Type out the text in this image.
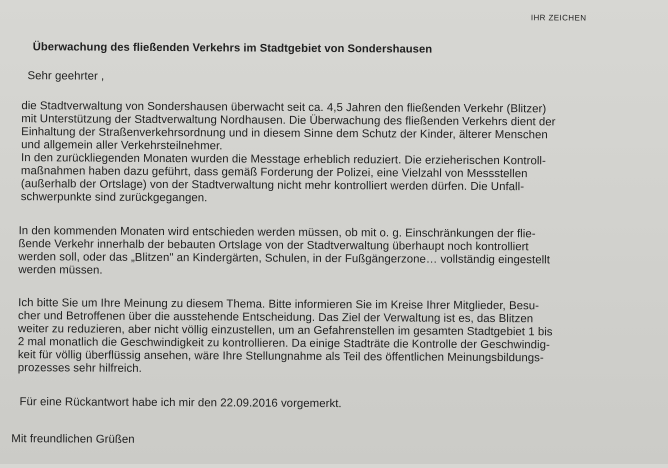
IHR ZEICHEN
Überwachung des fließenden Verkehrs im Stadtgebiet von Sondershausen
Sehr geehrter ,
die Stadtverwaltung von Sondershausen überwacht seit ca. 4,5 Jahren den fließenden Verkehr (Blitzer)
mit Unterstützung der Stadtverwaltung Nordhausen. Die Überwachung des fließenden Verkehrs dient der
Einhaltung der Straßenverkehrsordnung und in diesem Sinne dem Schutz der Kinder, älterer Menschen
und allgemein aller Verkehrsteilnehmer.
In den zurückliegenden Monaten wurden die Messtage erheblich reduziert. Die erzieherischen Kontroll-
maßnahmen haben dazu geführt, dass gemäß Forderung der Polizei, eine Vielzahl von Messstellen
(außerhalb der Ortslage) von der Stadtverwaltung nicht mehr kontrolliert werden dürfen. Die Unfall-
schwerpunkte sind zurückgegangen.
In den kommenden Monaten wird entschieden werden müssen, ob mit o. g. Einschränkungen der flie-
ßende Verkehr innerhalb der bebauten Ortslage von der Stadtverwaltung überhaupt noch kontrolliert
werden soll, oder das „Blitzen" an Kindergärten, Schulen, in der Fußgängerzone… vollständig eingestellt
werden müssen.
Ich bitte Sie um Ihre Meinung zu diesem Thema. Bitte informieren Sie im Kreise Ihrer Mitglieder, Besu-
cher und Betroffenen über die ausstehende Entscheidung. Das Ziel der Verwaltung ist es, das Blitzen
weiter zu reduzieren, aber nicht völlig einzustellen, um an Gefahrenstellen im gesamten Stadtgebiet 1 bis
2 mal monatlich die Geschwindigkeit zu kontrollieren. Da einige Stadträte die Kontrolle der Geschwindig-
keit für völlig überflüssig ansehen, wäre Ihre Stellungnahme als Teil des öffentlichen Meinungsbildungs-
prozesses sehr hilfreich.
Für eine Rückantwort habe ich mir den 22.09.2016 vorgemerkt.
Mit freundlichen Grüßen
